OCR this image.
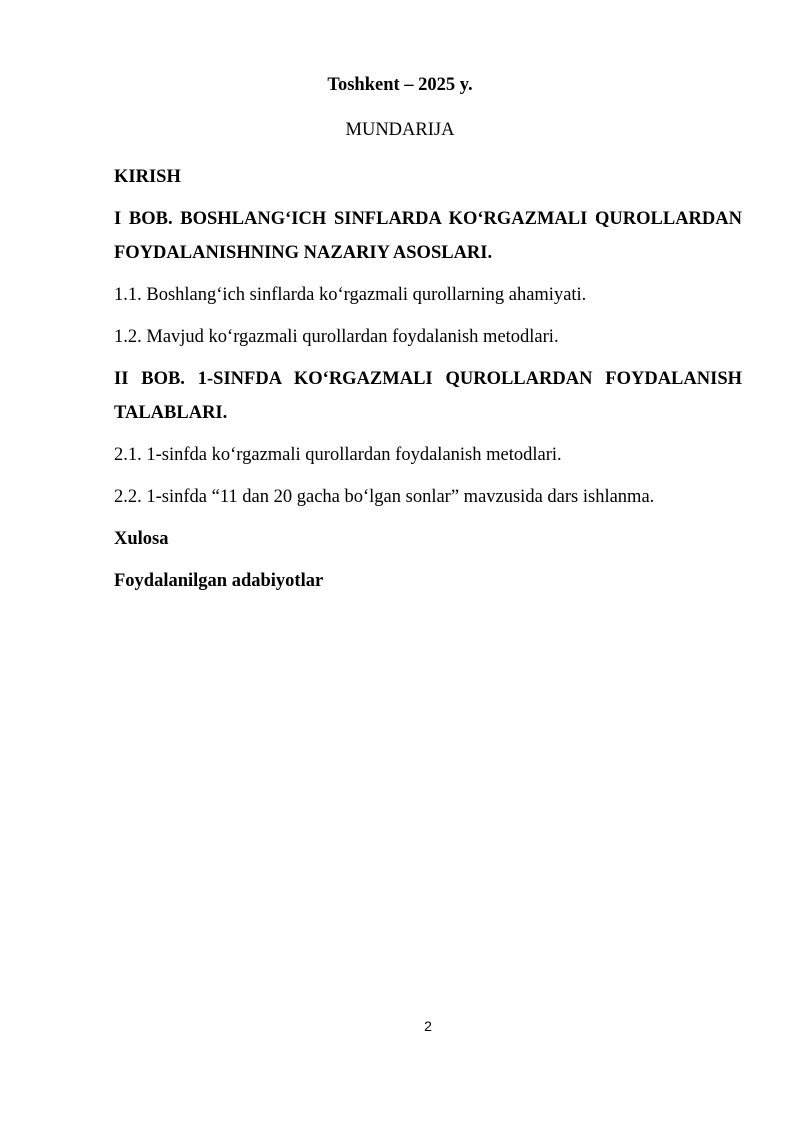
Toshkent – 2025 y.

MUNDARIJA

KIRISH

I BOB. BOSHLANG‘ICH SINFLARDA KO‘RGAZMALI QUROLLARDAN FOYDALANISHNING NAZARIY ASOSLARI.

1.1. Boshlang‘ich sinflarda ko‘rgazmali qurollarning ahamiyati.

1.2. Mavjud ko‘rgazmali qurollardan foydalanish metodlari.

II BOB. 1-SINFDA KO‘RGAZMALI QUROLLARDAN FOYDALANISH TALABLARI.

2.1. 1-sinfda ko‘rgazmali qurollardan foydalanish metodlari.

2.2. 1-sinfda “11 dan 20 gacha bo‘lgan sonlar” mavzusida dars ishlanma.

Xulosa

Foydalanilgan adabiyotlar

2
